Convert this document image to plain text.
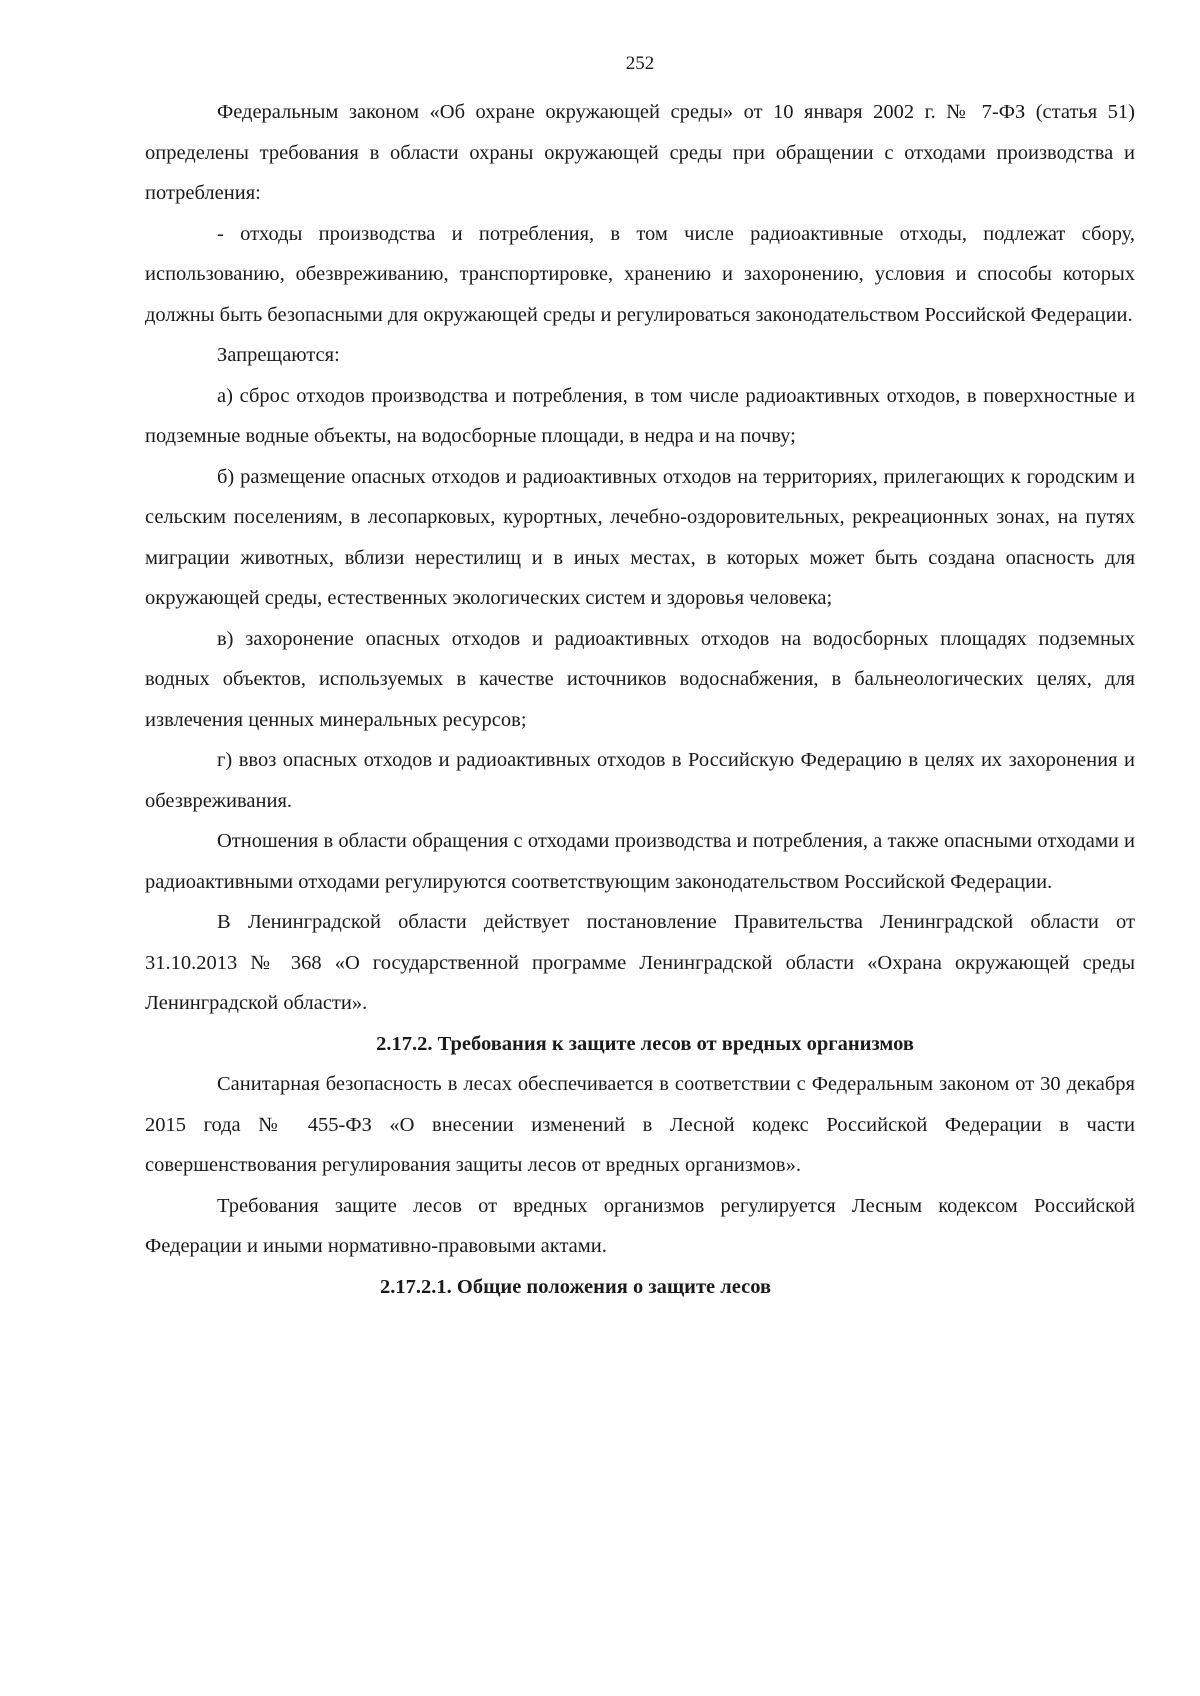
252

Федеральным законом «Об охране окружающей среды» от 10 января 2002 г. № 7-ФЗ (статья 51) определены требования в области охраны окружающей среды при обращении с отходами производства и потребления:

- отходы производства и потребления, в том числе радиоактивные отходы, подлежат сбору, использованию, обезвреживанию, транспортировке, хранению и захоронению, условия и способы которых должны быть безопасными для окружающей среды и регулироваться законодательством Российской Федерации.

Запрещаются:

а) сброс отходов производства и потребления, в том числе радиоактивных отходов, в поверхностные и подземные водные объекты, на водосборные площади, в недра и на почву;

б) размещение опасных отходов и радиоактивных отходов на территориях, прилегающих к городским и сельским поселениям, в лесопарковых, курортных, лечебно-оздоровительных, рекреационных зонах, на путях миграции животных, вблизи нерестилищ и в иных местах, в которых может быть создана опасность для окружающей среды, естественных экологических систем и здоровья человека;

в) захоронение опасных отходов и радиоактивных отходов на водосборных площадях подземных водных объектов, используемых в качестве источников водоснабжения, в бальнеологических целях, для извлечения ценных минеральных ресурсов;

г) ввоз опасных отходов и радиоактивных отходов в Российскую Федерацию в целях их захоронения и обезвреживания.

Отношения в области обращения с отходами производства и потребления, а также опасными отходами и радиоактивными отходами регулируются соответствующим законодательством Российской Федерации.

В Ленинградской области действует постановление Правительства Ленинградской области от 31.10.2013 № 368 «О государственной программе Ленинградской области «Охрана окружающей среды Ленинградской области».

2.17.2. Требования к защите лесов от вредных организмов

Санитарная безопасность в лесах обеспечивается в соответствии с Федеральным законом от 30 декабря 2015 года № 455-ФЗ «О внесении изменений в Лесной кодекс Российской Федерации в части совершенствования регулирования защиты лесов от вредных организмов».

Требования защите лесов от вредных организмов регулируется Лесным кодексом Российской Федерации и иными нормативно-правовыми актами.

2.17.2.1. Общие положения о защите лесов
